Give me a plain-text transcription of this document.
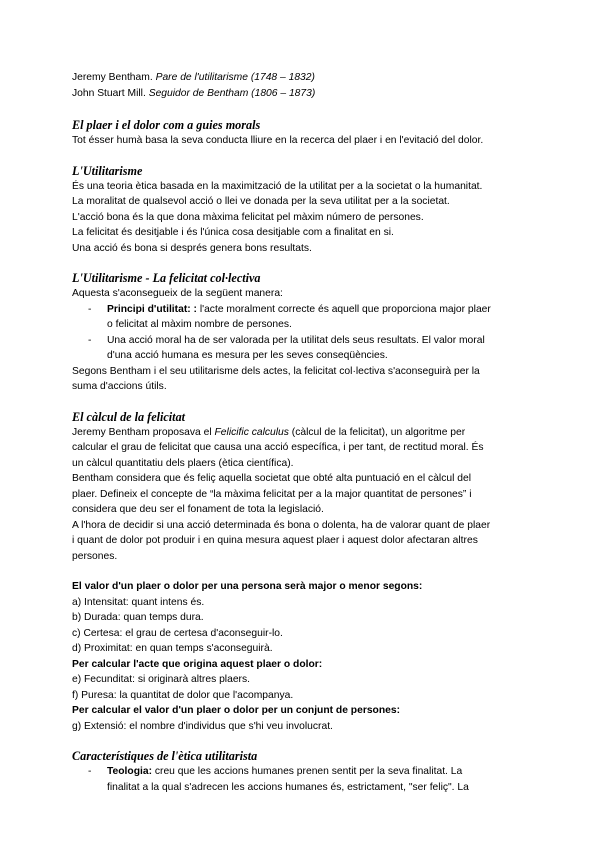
Jeremy Bentham. Pare de l'utilitarisme (1748 – 1832)

John Stuart Mill. Seguidor de Bentham (1806 – 1873)

El plaer i el dolor com a guies morals

Tot ésser humà basa la seva conducta lliure en la recerca del plaer i en l'evitació del dolor.

L'Utilitarisme

És una teoria ètica basada en la maximització de la utilitat per a la societat o la humanitat.

La moralitat de qualsevol acció o llei ve donada per la seva utilitat per a la societat.

L'acció bona és la que dona màxima felicitat pel màxim número de persones.

La felicitat és desitjable i és l'única cosa desitjable com a finalitat en si.

Una acció és bona si després genera bons resultats.

L'Utilitarisme - La felicitat col·lectiva

Aquesta s'aconsegueix de la següent manera:

- Principi d'utilitat: : l'acte moralment correcte és aquell que proporciona major plaer

o felicitat al màxim nombre de persones.

- Una acció moral ha de ser valorada per la utilitat dels seus resultats. El valor moral

d'una acció humana es mesura per les seves conseqüències.

Segons Bentham i el seu utilitarisme dels actes, la felicitat col·lectiva s'aconseguirà per la

suma d'accions útils.

El càlcul de la felicitat

Jeremy Bentham proposava el Felicific calculus (càlcul de la felicitat), un algoritme per

calcular el grau de felicitat que causa una acció específica, i per tant, de rectitud moral. És

un càlcul quantitatiu dels plaers (ètica científica).

Bentham considera que és feliç aquella societat que obté alta puntuació en el càlcul del

plaer. Defineix el concepte de “la màxima felicitat per a la major quantitat de persones” i

considera que deu ser el fonament de tota la legislació.

A l'hora de decidir si una acció determinada és bona o dolenta, ha de valorar quant de plaer

i quant de dolor pot produir i en quina mesura aquest plaer i aquest dolor afectaran altres

persones.

El valor d'un plaer o dolor per una persona serà major o menor segons:

a) Intensitat: quant intens és.

b) Durada: quan temps dura.

c) Certesa: el grau de certesa d'aconseguir-lo.

d) Proximitat: en quan temps s'aconseguirà.

Per calcular l'acte que origina aquest plaer o dolor:

e) Fecunditat: si originarà altres plaers.

f) Puresa: la quantitat de dolor que l'acompanya.

Per calcular el valor d'un plaer o dolor per un conjunt de persones:

g) Extensió: el nombre d'individus que s'hi veu involucrat.

Característiques de l'ètica utilitarista
- Teologia: creu que les accions humanes prenen sentit per la seva finalitat. La

finalitat a la qual s'adrecen les accions humanes és, estrictament, "ser feliç". La
